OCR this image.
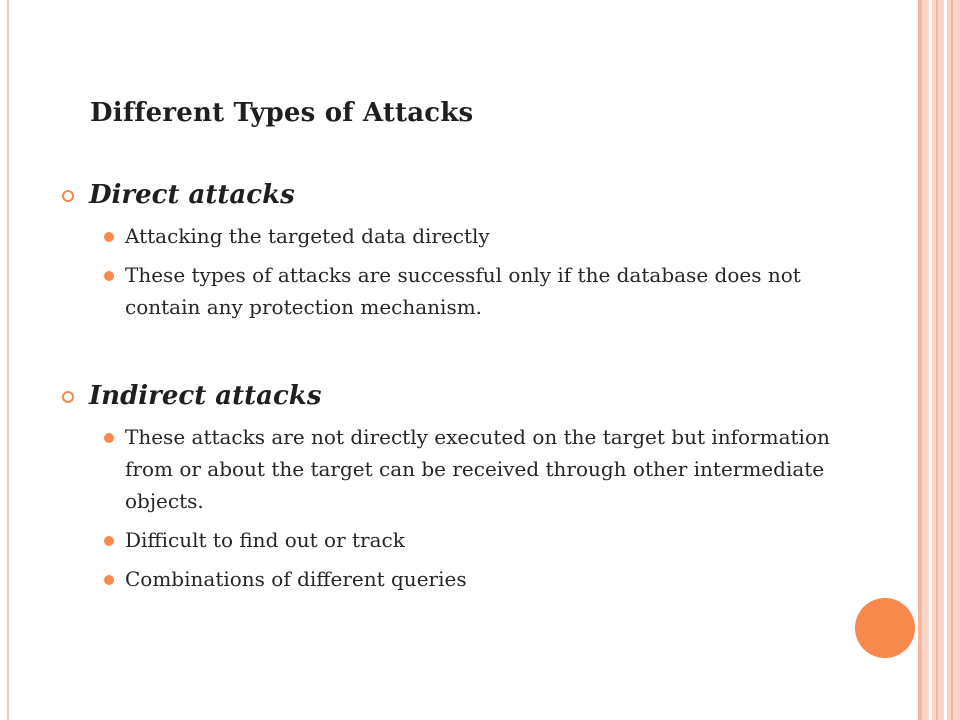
Different Types of Attacks
Direct attacks
Attacking the targeted data directly
These types of attacks are successful only if the database does not contain any protection mechanism.
Indirect attacks
These attacks are not directly executed on the target but information from or about the target can be received through other intermediate objects.
Difficult to find out or track
Combinations of different queries
